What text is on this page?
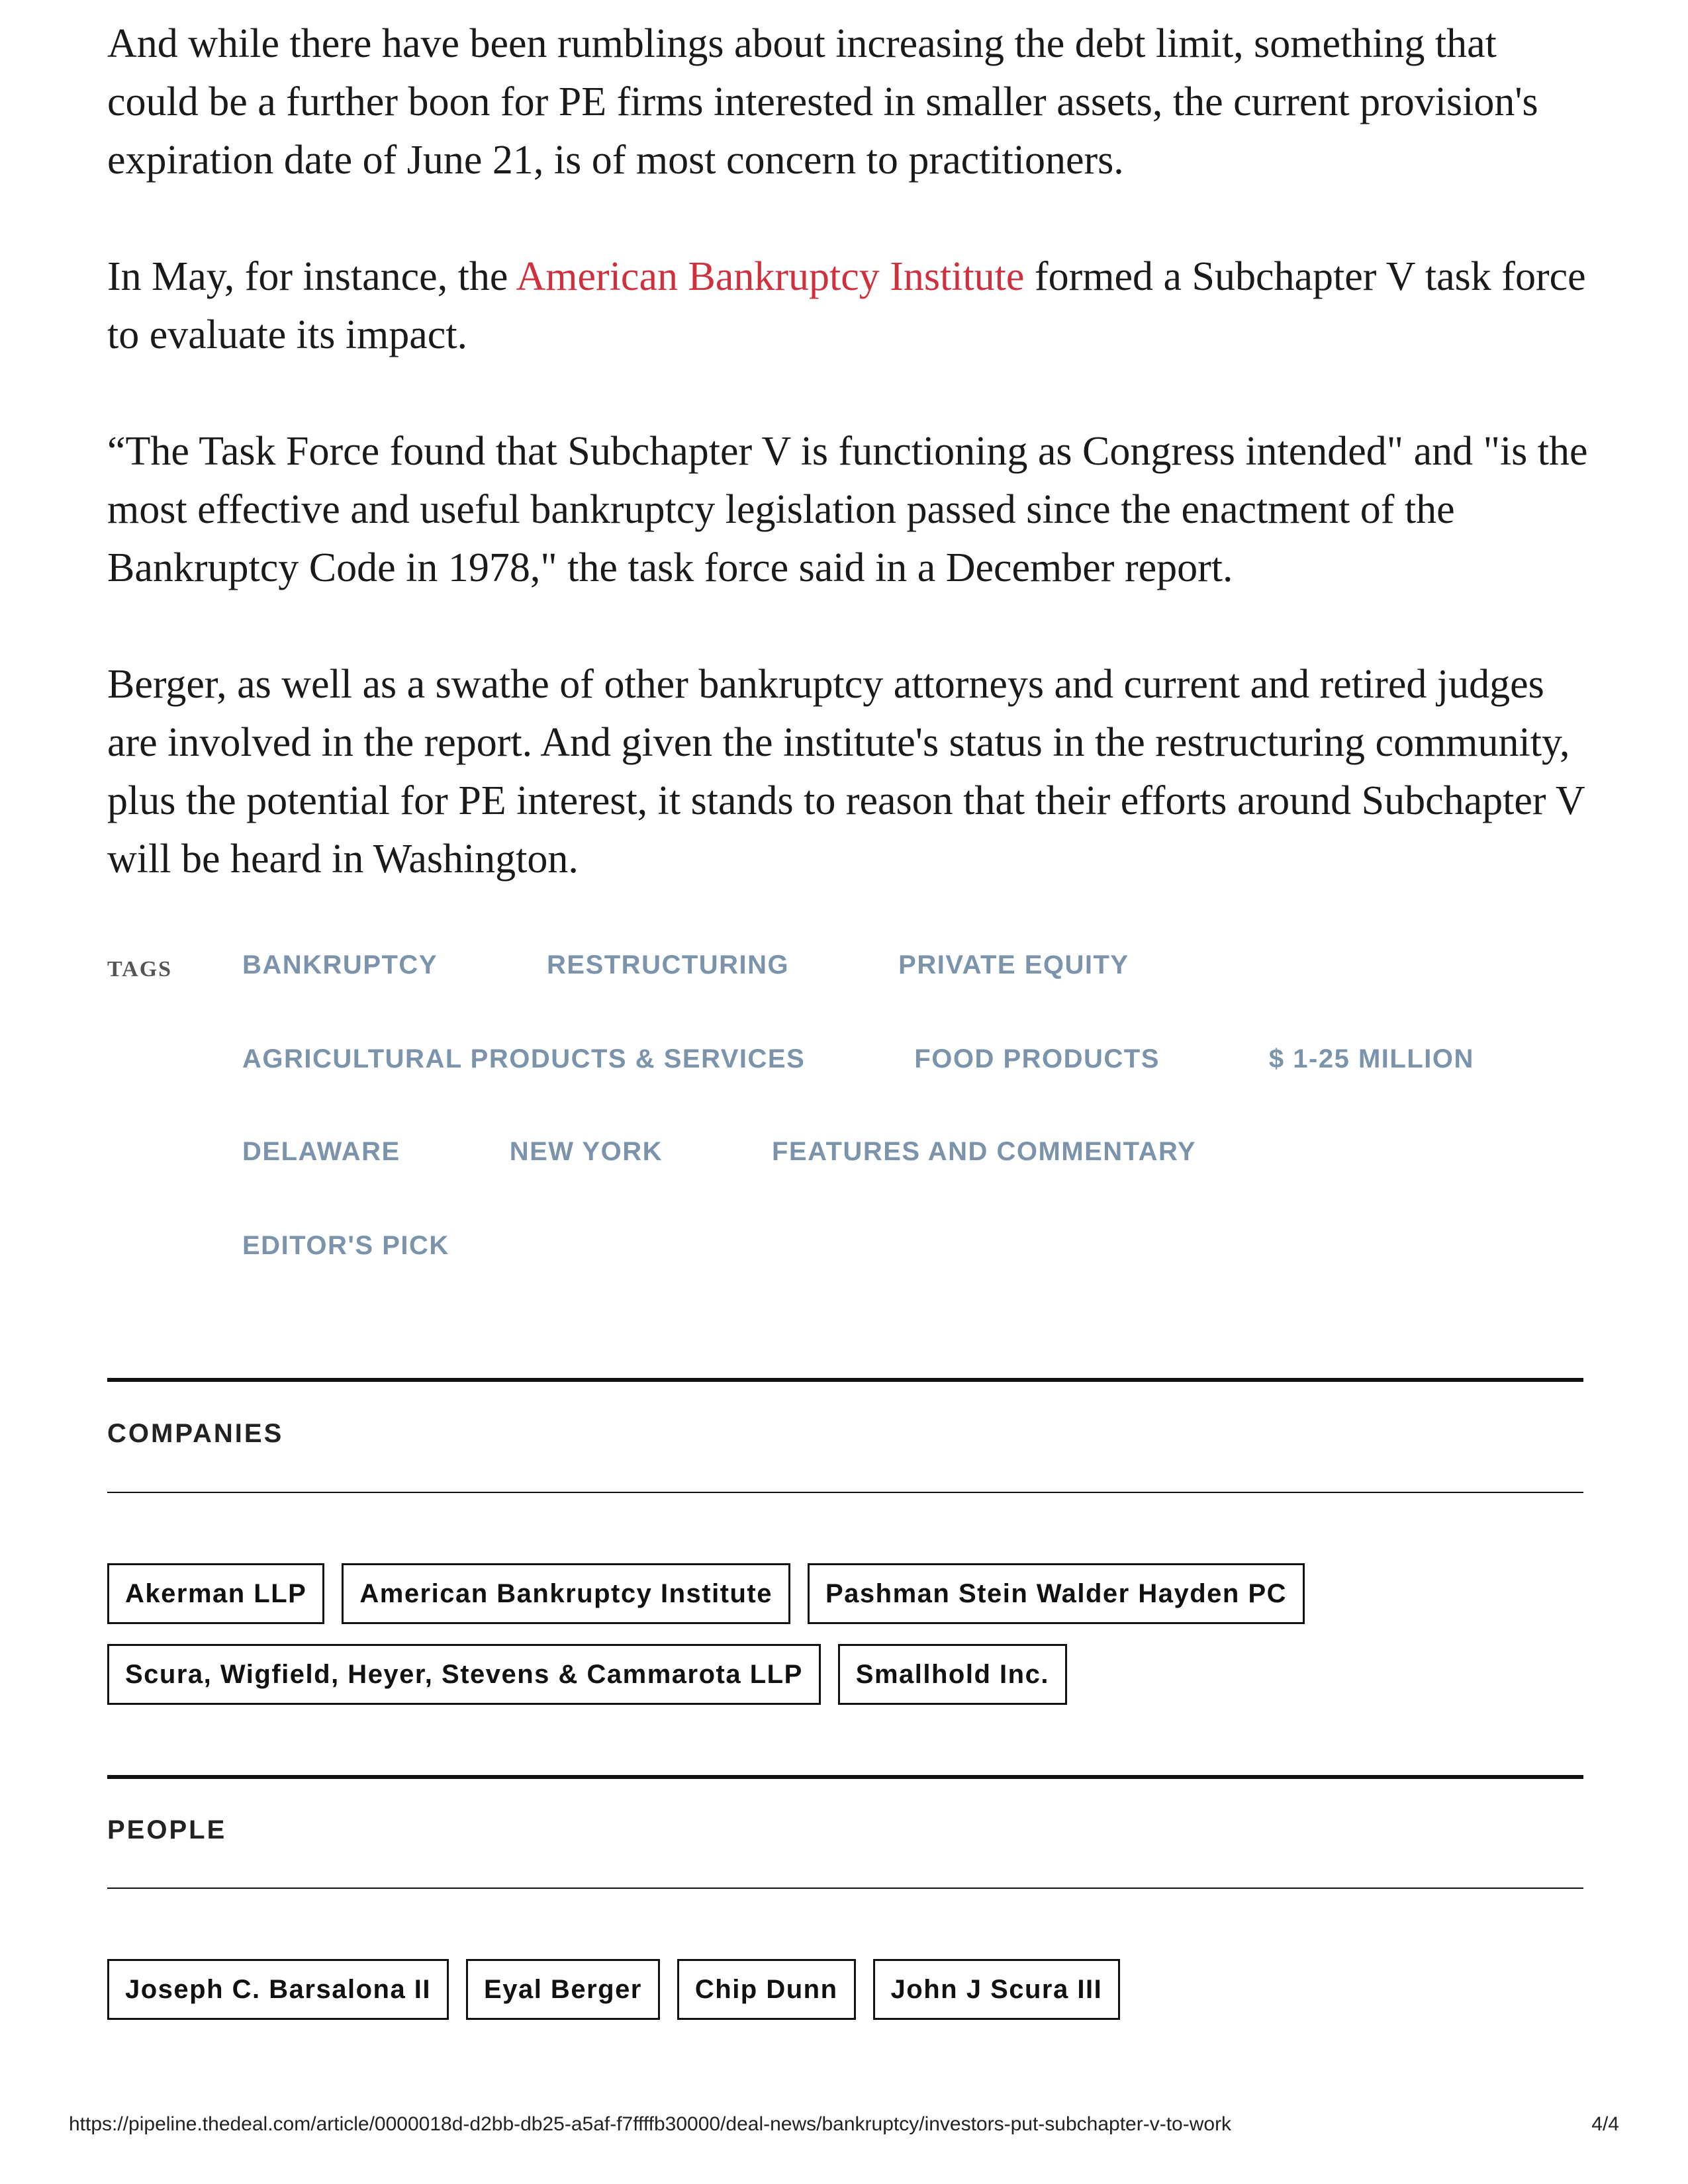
And while there have been rumblings about increasing the debt limit, something that could be a further boon for PE firms interested in smaller assets, the current provision's expiration date of June 21, is of most concern to practitioners.

In May, for instance, the American Bankruptcy Institute formed a Subchapter V task force to evaluate its impact.

“The Task Force found that Subchapter V is functioning as Congress intended" and "is the most effective and useful bankruptcy legislation passed since the enactment of the Bankruptcy Code in 1978," the task force said in a December report.

Berger, as well as a swathe of other bankruptcy attorneys and current and retired judges are involved in the report. And given the institute's status in the restructuring community, plus the potential for PE interest, it stands to reason that their efforts around Subchapter V will be heard in Washington.

TAGS	BANKRUPTCY	RESTRUCTURING	PRIVATE EQUITY
AGRICULTURAL PRODUCTS & SERVICES	FOOD PRODUCTS	$ 1-25 MILLION
DELAWARE	NEW YORK	FEATURES AND COMMENTARY
EDITOR'S PICK
COMPANIES
Akerman LLP American Bankruptcy Institute Pashman Stein Walder Hayden PC
Scura, Wigfield, Heyer, Stevens & Cammarota LLP Smallhold Inc.
PEOPLE
Joseph C. Barsalona II Eyal Berger Chip Dunn John J Scura III
https://pipeline.thedeal.com/article/0000018d-d2bb-db25-a5af-f7ffffb30000/deal-news/bankruptcy/investors-put-subchapter-v-to-work	4/4
